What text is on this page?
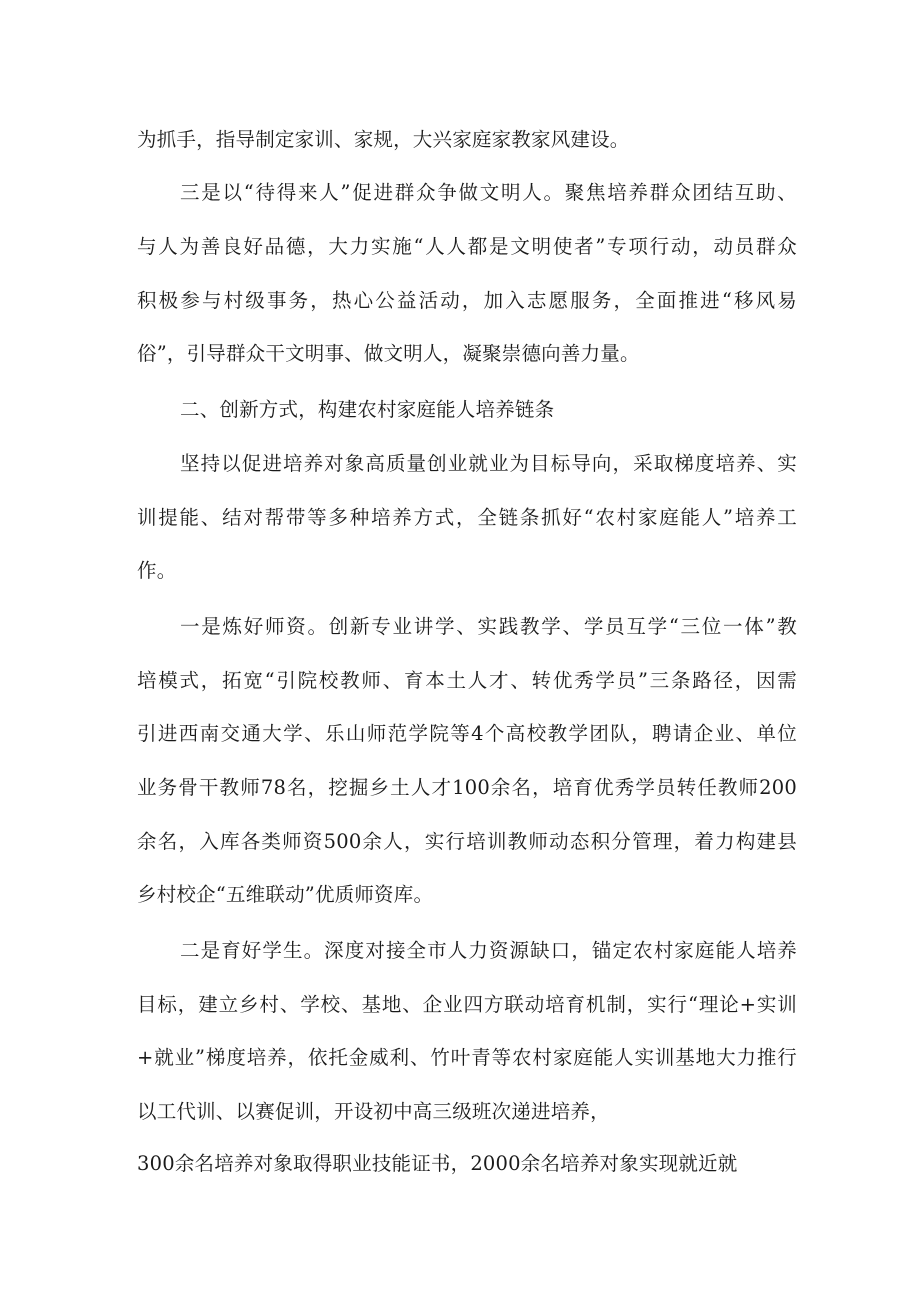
为抓手，指导制定家训、家规，大兴家庭家教家风建设。

三是以“待得来人”促进群众争做文明人。聚焦培养群众团结互助、

与人为善良好品德，大力实施“人人都是文明使者”专项行动，动员群众

积极参与村级事务，热心公益活动，加入志愿服务，全面推进“移风易

俗”，引导群众干文明事、做文明人，凝聚崇德向善力量。

二、创新方式，构建农村家庭能人培养链条

坚持以促进培养对象高质量创业就业为目标导向，采取梯度培养、实

训提能、结对帮带等多种培养方式，全链条抓好“农村家庭能人”培养工

作。

一是炼好师资。创新专业讲学、实践教学、学员互学“三位一体”教

培模式，拓宽“引院校教师、育本土人才、转优秀学员”三条路径，因需

引进西南交通大学、乐山师范学院等4个高校教学团队，聘请企业、单位

业务骨干教师78名，挖掘乡土人才100余名，培育优秀学员转任教师200

余名，入库各类师资500余人，实行培训教师动态积分管理，着力构建县

乡村校企“五维联动”优质师资库。

二是育好学生。深度对接全市人力资源缺口，锚定农村家庭能人培养

目标，建立乡村、学校、基地、企业四方联动培育机制，实行“理论+实训

+就业”梯度培养，依托金威利、竹叶青等农村家庭能人实训基地大力推行

以工代训、以赛促训，开设初中高三级班次递进培养，

300余名培养对象取得职业技能证书，2000余名培养对象实现就近就
